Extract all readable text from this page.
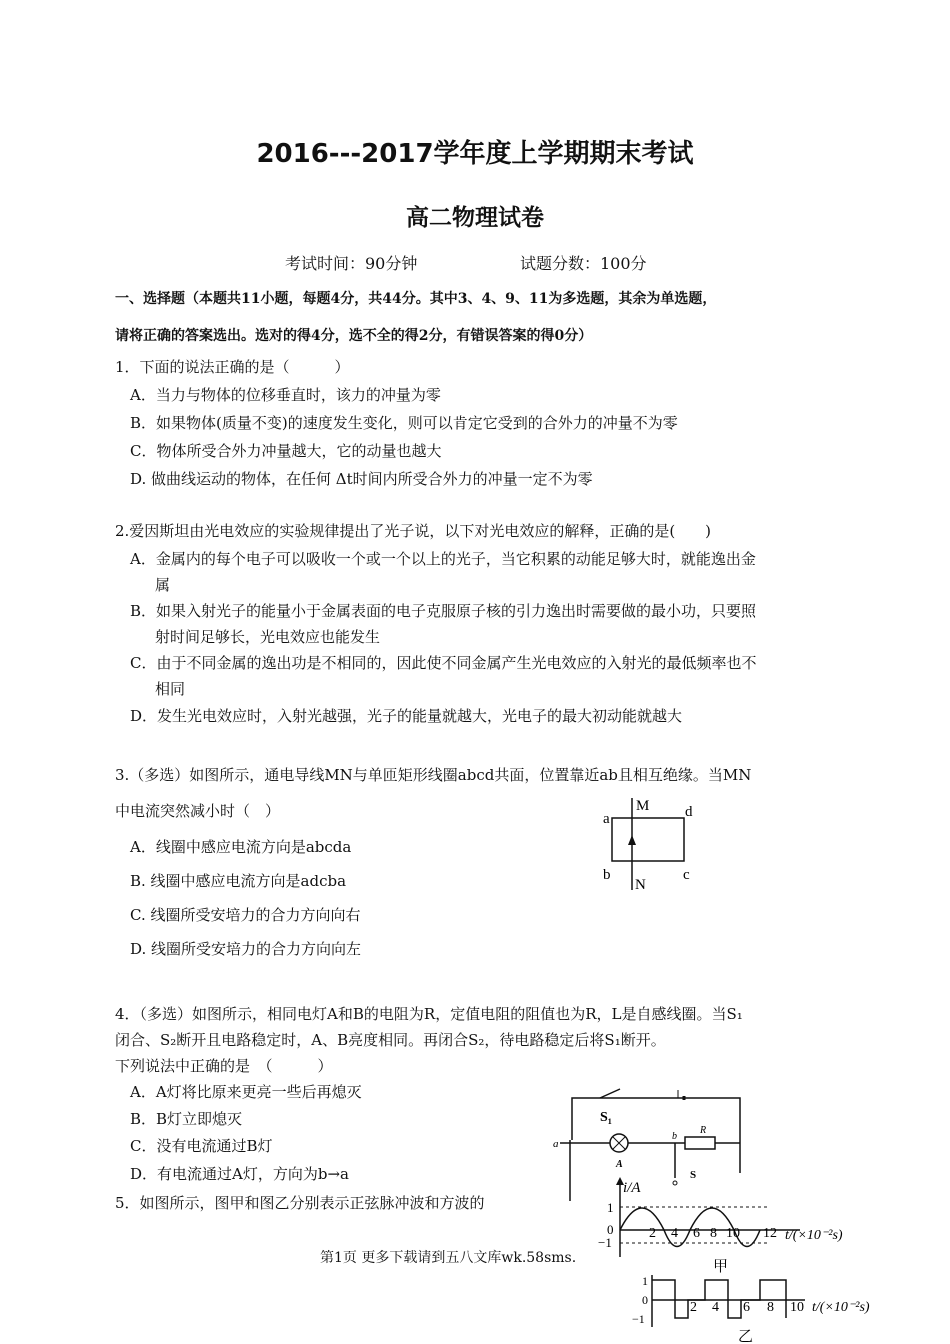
2016---2017学年度上学期期末考试
高二物理试卷
考试时间：90分钟	试题分数：100分
一、选择题（本题共11小题，每题4分，共44分。其中3、4、9、11为多选题，其余为单选题，
请将正确的答案选出。选对的得4分，选不全的得2分，有错误答案的得0分）
1．下面的说法正确的是（　　　）
A．当力与物体的位移垂直时，该力的冲量为零
B．如果物体(质量不变)的速度发生变化，则可以肯定它受到的合外力的冲量不为零
C．物体所受合外力冲量越大，它的动量也越大
D. 做曲线运动的物体，在任何 Δt时间内所受合外力的冲量一定不为零
2.爱因斯坦由光电效应的实验规律提出了光子说，以下对光电效应的解释，正确的是(　　)
A．金属内的每个电子可以吸收一个或一个以上的光子，当它积累的动能足够大时，就能逸出金
属
B．如果入射光子的能量小于金属表面的电子克服原子核的引力逸出时需要做的最小功，只要照
射时间足够长，光电效应也能发生
C．由于不同金属的逸出功是不相同的，因此使不同金属产生光电效应的入射光的最低频率也不
相同
D．发生光电效应时，入射光越强，光子的能量就越大，光电子的最大初动能就越大
3.（多选）如图所示，通电导线MN与单匝矩形线圈abcd共面，位置靠近ab且相互绝缘。当MN
中电流突然减小时（　）
A．线圈中感应电流方向是abcda
B. 线圈中感应电流方向是adcba
C. 线圈所受安培力的合力方向向右
D. 线圈所受安培力的合力方向向左
M
N
a
b	c
d
4．（多选）如图所示，相同电灯A和B的电阻为R，定值电阻的阻值也为R，L是自感线圈。当S₁
闭合、S₂断开且电路稳定时，A、B亮度相同。再闭合S₂，待电路稳定后将S₁断开。
下列说法中正确的是　（　　　）
A．A灯将比原来更亮一些后再熄灭
B．B灯立即熄灭
C．没有电流通过B灯
D．有电流通过A灯，方向为b→a
S₁
R
a
b
A
S
5．如图所示，图甲和图乙分别表示正弦脉冲波和方波的
i/A
1
0
−1
2 4 6 8 10 12 t/(×10⁻²s)
甲
1
0
−1
2 4 6 8 10 t/(×10⁻²s)
乙
第1页 更多下载请到五八文库wk.58sms.
